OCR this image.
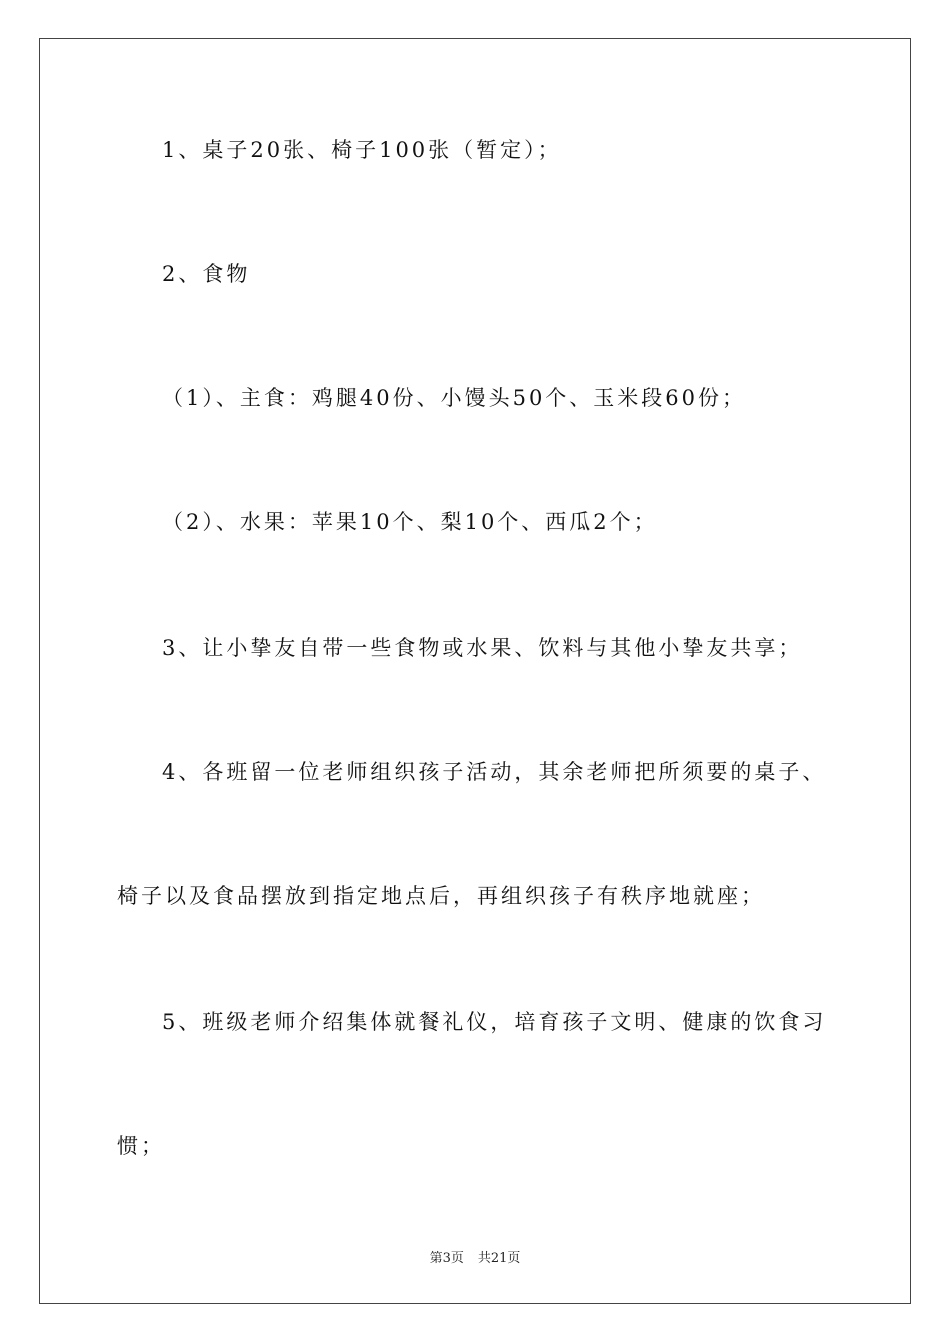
1、桌子20张、椅子100张（暂定）；
2、食物
（1）、主食：鸡腿40份、小馒头50个、玉米段60份；
（2）、水果：苹果10个、梨10个、西瓜2个；
3、让小挚友自带一些食物或水果、饮料与其他小挚友共享；
4、各班留一位老师组织孩子活动，其余老师把所须要的桌子、
椅子以及食品摆放到指定地点后，再组织孩子有秩序地就座；
5、班级老师介绍集体就餐礼仪，培育孩子文明、健康的饮食习
惯；
第3页 共21页
